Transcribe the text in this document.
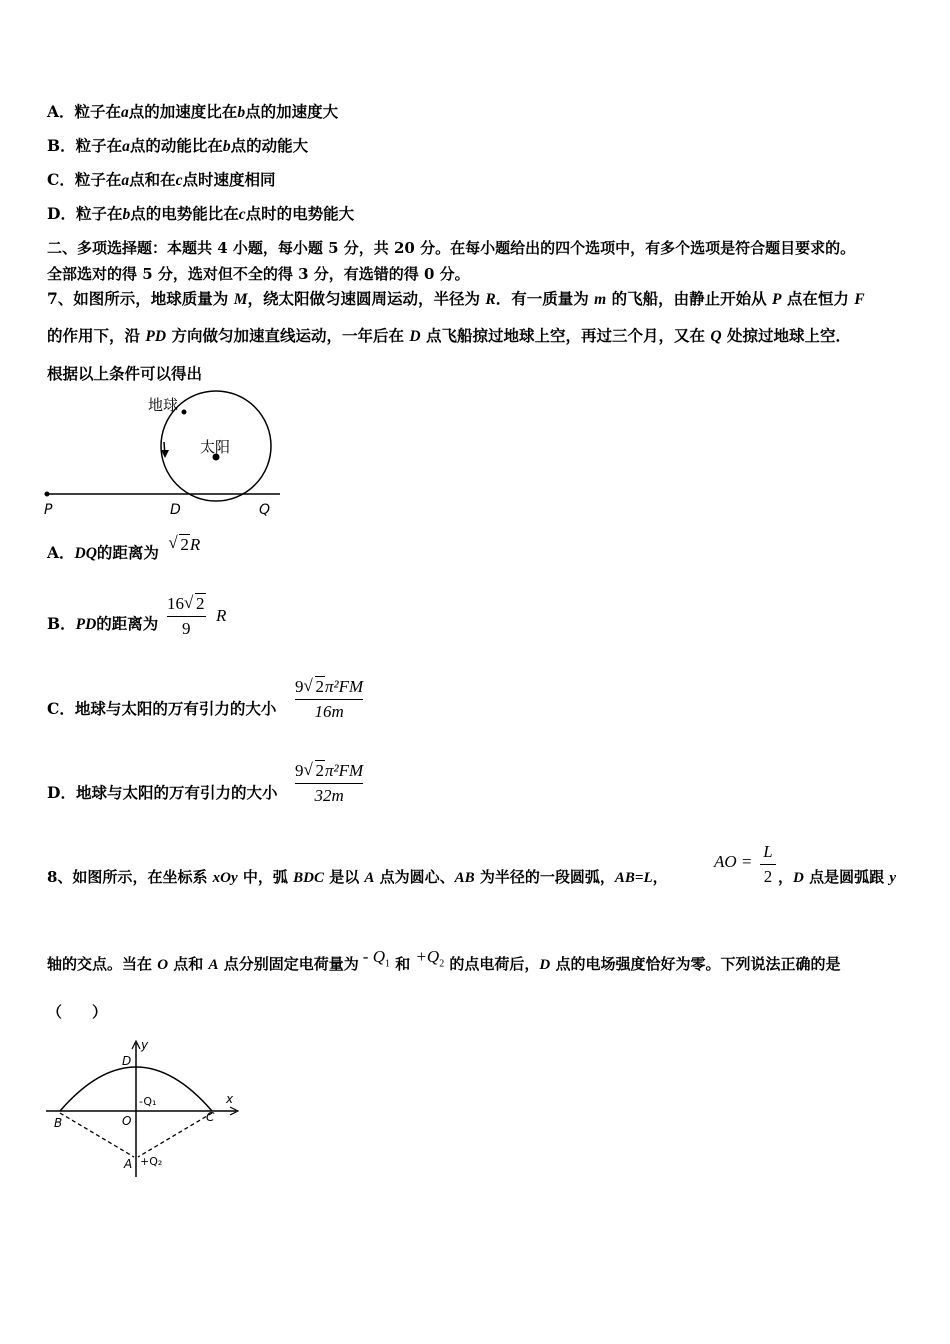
A．粒子在a点的加速度比在b点的加速度大
B．粒子在a点的动能比在b点的动能大
C．粒子在a点和在c点时速度相同
D．粒子在b点的电势能比在c点时的电势能大
二、多项选择题：本题共 4 小题，每小题 5 分，共 20 分。在每小题给出的四个选项中，有多个选项是符合题目要求的。
全部选对的得 5 分，选对但不全的得 3 分，有选错的得 0 分。
7、如图所示，地球质量为 M，绕太阳做匀速圆周运动，半径为 R．有一质量为 m 的飞船，由静止开始从 P 点在恒力 F
的作用下，沿 PD 方向做匀加速直线运动，一年后在 D 点飞船掠过地球上空，再过三个月，又在 Q 处掠过地球上空．
根据以上条件可以得出
地球
太阳
P	D	Q
A．DQ的距离为 √ 2R
B．PD的距离为
16 √ 2
9
R
C．地球与太阳的万有引力的大小
9 √ 2π²FM
16m
D．地球与太阳的万有引力的大小
9 √ 2π²FM
32m
8、如图所示，在坐标系 xOy 中，弧 BDC 是以 A 点为圆心、AB 为半径的一段圆弧，AB=L，
AO =
L
2 ，D 点是圆弧跟 y
轴的交点。当在 O 点和 A 点分别固定电荷量为 - $Q_1$ 和 $+Q_2$ 的点电荷后，D 点的电场强度恰好为零。下列说法正确的是
（　　）
y
x
D
-Q₁
O
B	C
A +Q₂
